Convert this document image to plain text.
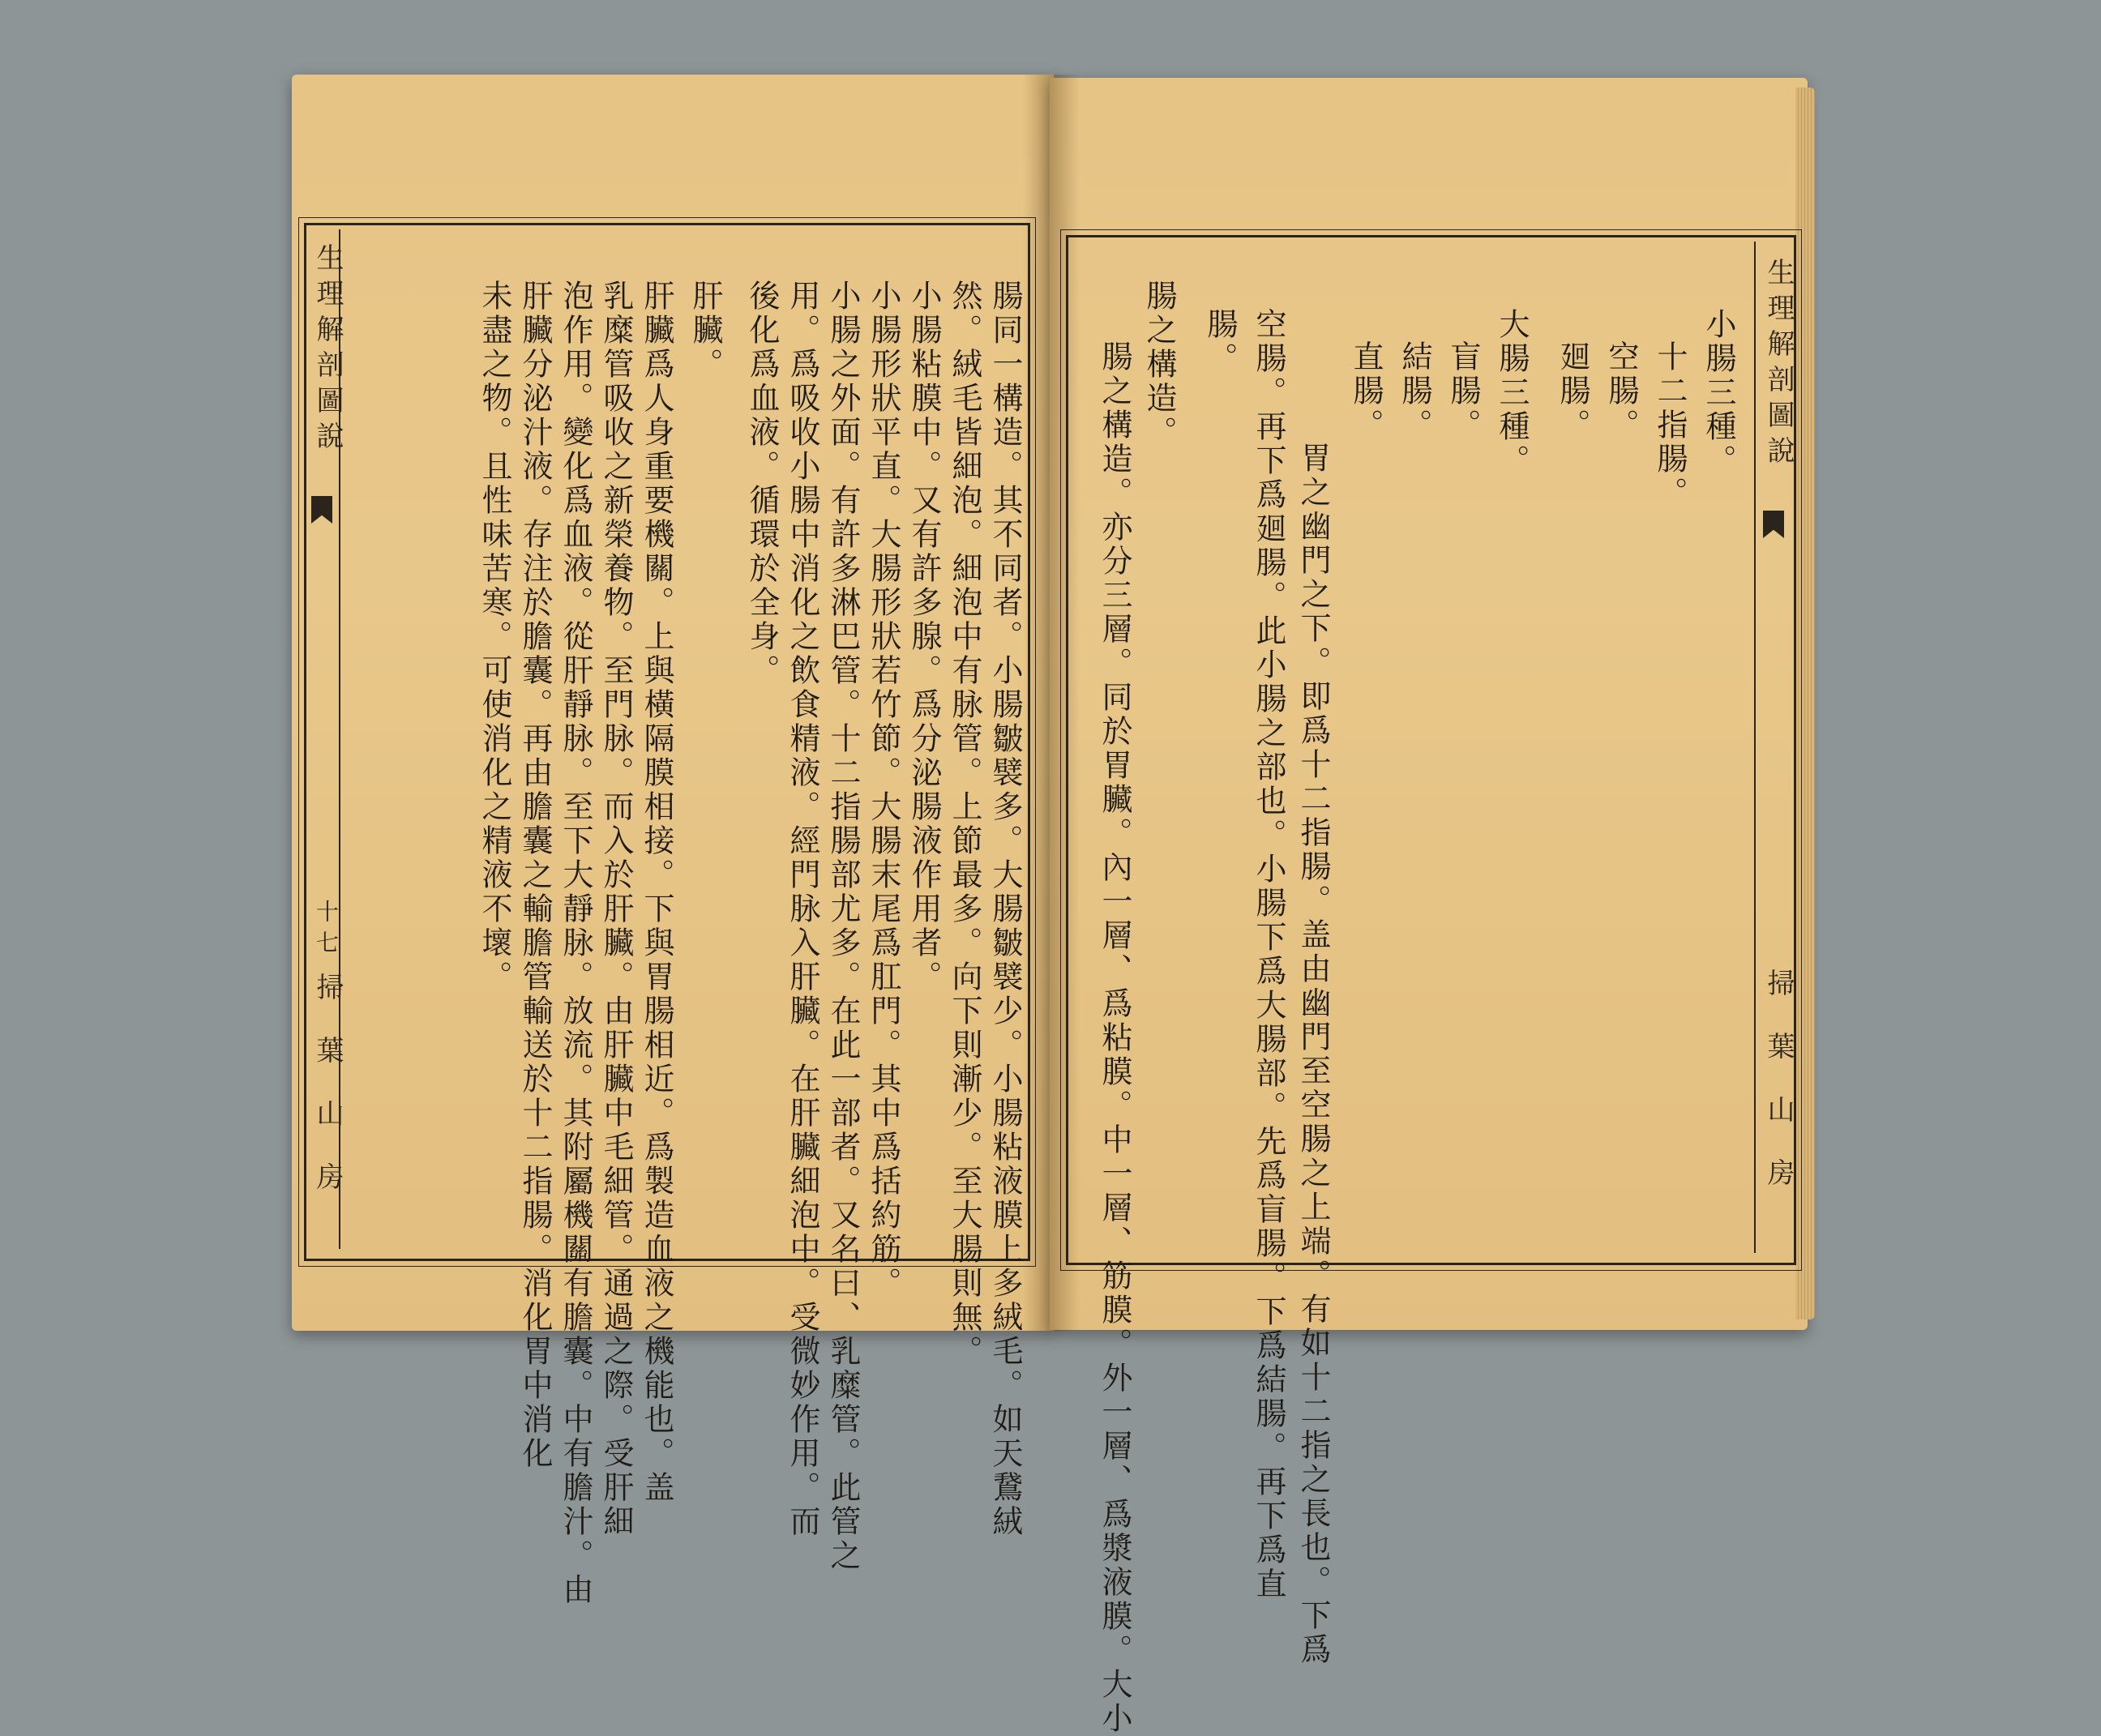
生理解剖圖說
十七
掃葉山房	腸同一構造。其不同者。小腸皺襞多。大腸皺襞少。小腸粘液膜上多絨毛。如天鵞絨
然。絨毛皆細泡。細泡中有脉管。上節最多。向下則漸少。至大腸則無。
小腸粘膜中。又有許多腺。爲分泌腸液作用者。
小腸形狀平直。大腸形狀若竹節。大腸末尾爲肛門。其中爲括約筋。
小腸之外面。有許多淋巴管。十二指腸部尤多。在此一部者。又名曰、乳糜管。此管之
用。爲吸收小腸中消化之飲食精液。經門脉入肝臟。在肝臟細泡中。受微妙作用。而
後化爲血液。循環於全身。
肝臟。
肝臟爲人身重要機關。上與橫隔膜相接。下與胃腸相近。爲製造血液之機能也。盖
乳糜管吸收之新榮養物。至門脉。而入於肝臟。由肝臟中毛細管。通過之際。受肝細
泡作用。變化爲血液。從肝靜脉。至下大靜脉。放流。其附屬機關有膽囊。中有膽汁。由
肝臟分泌汁液。存注於膽囊。再由膽囊之輸膽管輸送於十二指腸。消化胃中消化
未盡之物。且性味苦寒。可使消化之精液不壞。	生理解剖圖說
掃葉山房
小腸三種。
十二指腸。
空腸。
廻腸。
大腸三種。
盲腸。
結腸。
直腸。
胃之幽門之下。即爲十二指腸。盖由幽門至空腸之上端。有如十二指之長也。下爲
空腸。再下爲廻腸。此小腸之部也。小腸下爲大腸部。先爲盲腸。下爲結腸。再下爲直
腸。
腸之構造。
腸之構造。亦分三層。同於胃臟。內一層、爲粘膜。中一層、筋膜。外一層、爲漿液膜。大小
